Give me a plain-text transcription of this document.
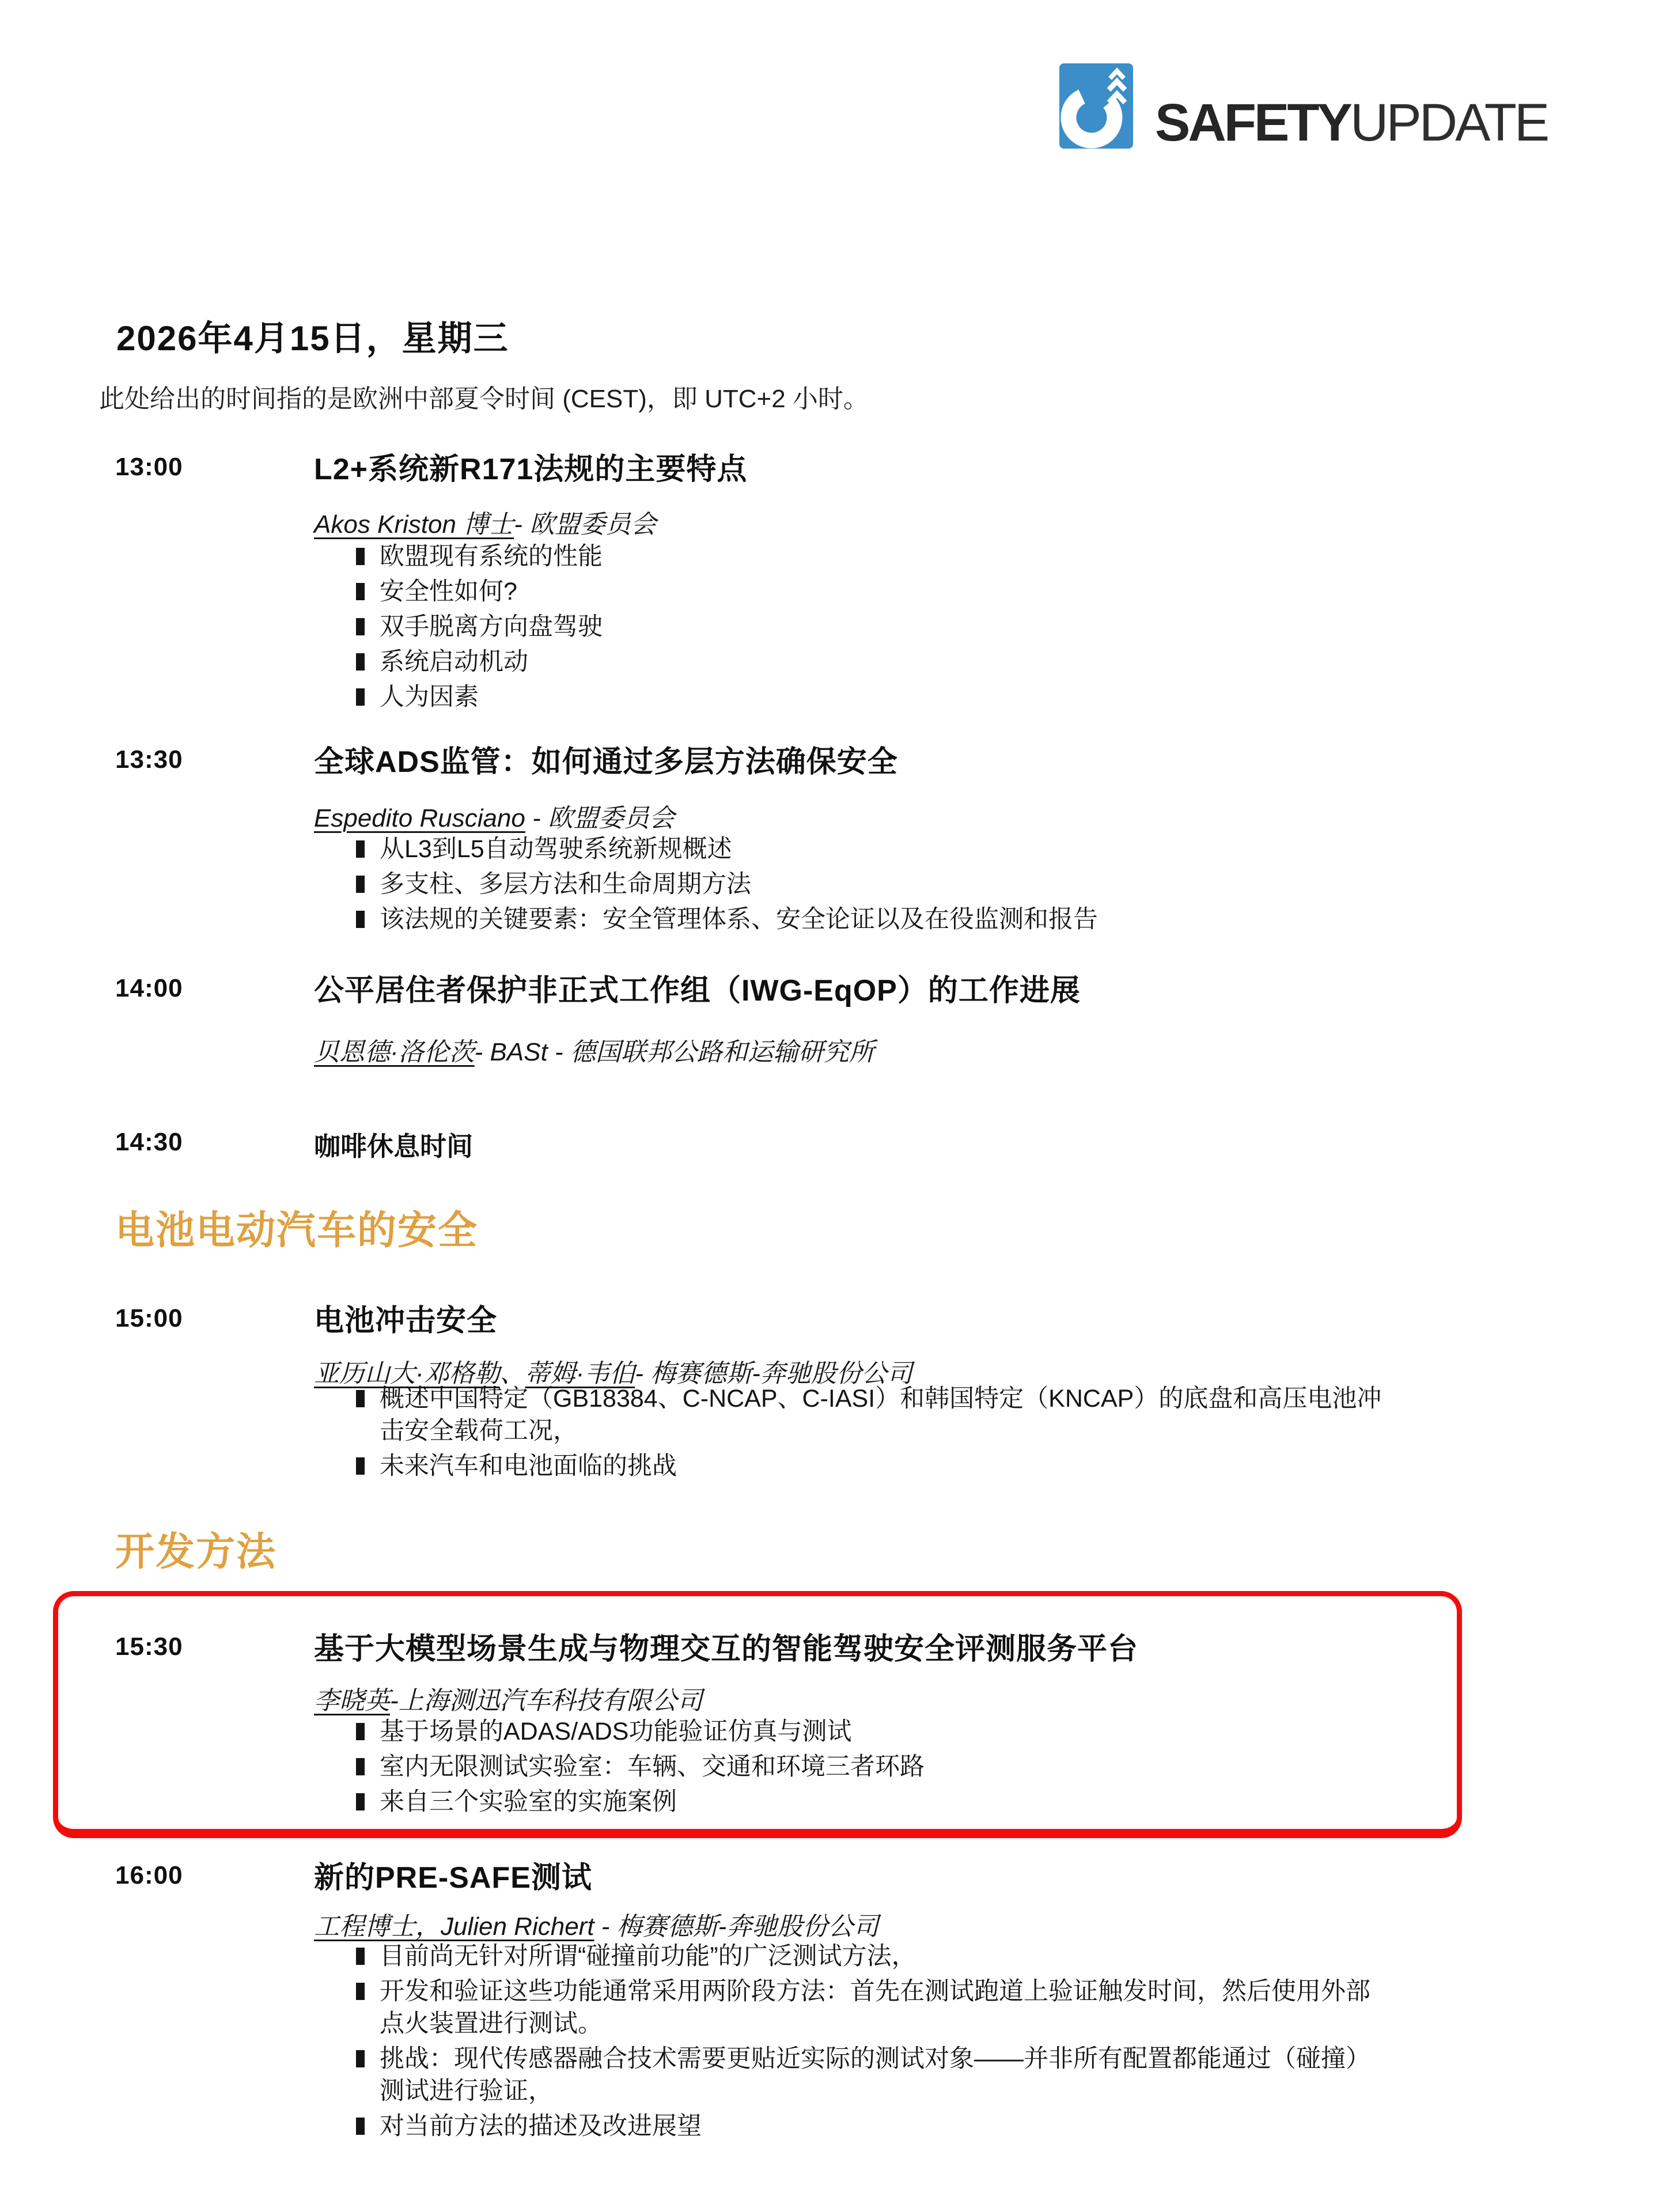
SAFETYUPDATE
2026年4月15日，星期三

此处给出的时间指的是欧洲中部夏令时间 (CEST)，即 UTC+2 小时。

13:00	L2+系统新R171法规的主要特点

Akos Kriston 博士- 欧盟委员会

欧盟现有系统的性能
安全性如何?
双手脱离方向盘驾驶
系统启动机动
人为因素
13:30	全球ADS监管：如何通过多层方法确保安全

Espedito Rusciano - 欧盟委员会

从L3到L5自动驾驶系统新规概述
多支柱、多层方法和生命周期方法
该法规的关键要素：安全管理体系、安全论证以及在役监测和报告
14:00	公平居住者保护非正式工作组（IWG-EqOP）的工作进展

贝恩德·洛伦茨- BASt - 德国联邦公路和运输研究所

14:30	咖啡休息时间

电池电动汽车的安全
15:00	电池冲击安全

亚历山大·邓格勒、蒂姆·韦伯- 梅赛德斯-奔驰股份公司

概述中国特定（GB18384、C-NCAP、C-IASI）和韩国特定（KNCAP）的底盘和高压电池冲击安全载荷工况，
未来汽车和电池面临的挑战
开发方法
15:30	基于大模型场景生成与物理交互的智能驾驶安全评测服务平台

李晓英-上海测迅汽车科技有限公司

基于场景的ADAS/ADS功能验证仿真与测试
室内无限测试实验室：车辆、交通和环境三者环路
来自三个实验室的实施案例
16:00	新的PRE-SAFE测试

工程博士，Julien Richert - 梅赛德斯-奔驰股份公司

目前尚无针对所谓“碰撞前功能”的广泛测试方法，
开发和验证这些功能通常采用两阶段方法：首先在测试跑道上验证触发时间，然后使用外部点火装置进行测试。
挑战：现代传感器融合技术需要更贴近实际的测试对象——并非所有配置都能通过（碰撞）测试进行验证，
对当前方法的描述及改进展望
